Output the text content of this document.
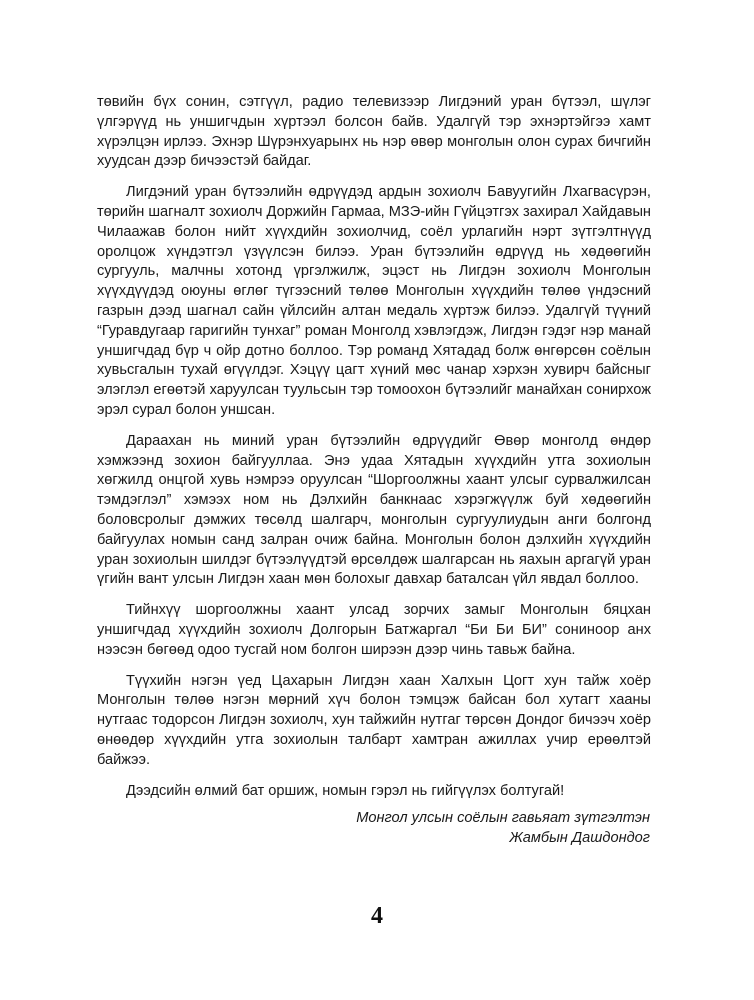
төвийн бүх сонин, сэтгүүл, радио телевизээр Лигдэний уран бүтээл, шүлэг үлгэрүүд нь уншигчдын хүртээл болсон байв. Удалгүй тэр эхнэртэйгээ хамт хүрэлцэн ирлээ. Эхнэр Шүрэнхуарынх нь нэр өвөр монголын олон сурах бичгийн хуудсан дээр бичээстэй байдаг.

Лигдэний уран бүтээлийн өдрүүдэд ардын зохиолч Бавуугийн Лхагвасүрэн, төрийн шагналт зохиолч Доржийн Гармаа, МЗЭ-ийн Гүйцэтгэх захирал Хайдавын Чилаажав болон нийт хүүхдийн зохиолчид, соёл урлагийн нэрт зүтгэлтнүүд оролцож хүндэтгэл үзүүлсэн билээ. Уран бүтээлийн өдрүүд нь хөдөөгийн сургууль, малчны хотонд үргэлжилж, эцэст нь Лигдэн зохиолч Монголын хүүхдүүдэд оюуны өглөг түгээсний төлөө Монголын хүүхдийн төлөө үндэсний газрын дээд шагнал сайн үйлсийн алтан медаль хүртэж билээ. Удалгүй түүний “Гуравдугаар гаригийн тунхаг” роман Монголд хэвлэгдэж, Лигдэн гэдэг нэр манай уншигчдад бүр ч ойр дотно боллоо. Тэр романд Хятадад болж өнгөрсөн соёлын хувьсгалын тухай өгүүлдэг. Хэцүү цагт хүний мөс чанар хэрхэн хувирч байсныг элэглэл егөөтэй харуулсан туульсын тэр томоохон бүтээлийг манайхан сонирхож эрэл сурал болон уншсан.

Дараахан нь миний уран бүтээлийн өдрүүдийг Өвөр монголд өндөр хэмжээнд зохион байгууллаа. Энэ удаа Хятадын хүүхдийн утга зохиолын хөгжилд онцгой хувь нэмрээ оруулсан “Шоргоолжны хаант улсыг сурвалжилсан тэмдэглэл” хэмээх ном нь Дэлхийн банкнаас хэрэгжүүлж буй хөдөөгийн боловсролыг дэмжих төсөлд шалгарч, монголын сургуулиудын анги болгонд байгуулах номын санд залран очиж байна. Монголын болон дэлхийн хүүхдийн уран зохиолын шилдэг бүтээлүүдтэй өрсөлдөж шалгарсан нь яахын аргагүй уран үгийн вант улсын Лигдэн хаан мөн болохыг давхар баталсан үйл явдал боллоо.

Тийнхүү шоргоолжны хаант улсад зорчих замыг Монголын бяцхан уншигчдад хүүхдийн зохиолч Долгорын Батжаргал “Би Би БИ” сониноор анх нээсэн бөгөөд одоо тусгай ном болгон ширээн дээр чинь тавьж байна.

Түүхийн нэгэн үед Цахарын Лигдэн хаан Халхын Цогт хун тайж хоёр Монголын төлөө нэгэн мөрний хүч болон тэмцэж байсан бол хутагт хааны нутгаас тодорсон Лигдэн зохиолч, хун тайжийн нутгаг төрсөн Дондог бичээч хоёр өнөөдөр хүүхдийн утга зохиолын талбарт хамтран ажиллах учир ерөөлтэй байжээ.

Дээдсийн өлмий бат оршиж, номын гэрэл нь гийгүүлэх болтугай!

Монгол улсын соёлын гавьяат зүтгэлтэн

Жамбын Дашдондог

4
